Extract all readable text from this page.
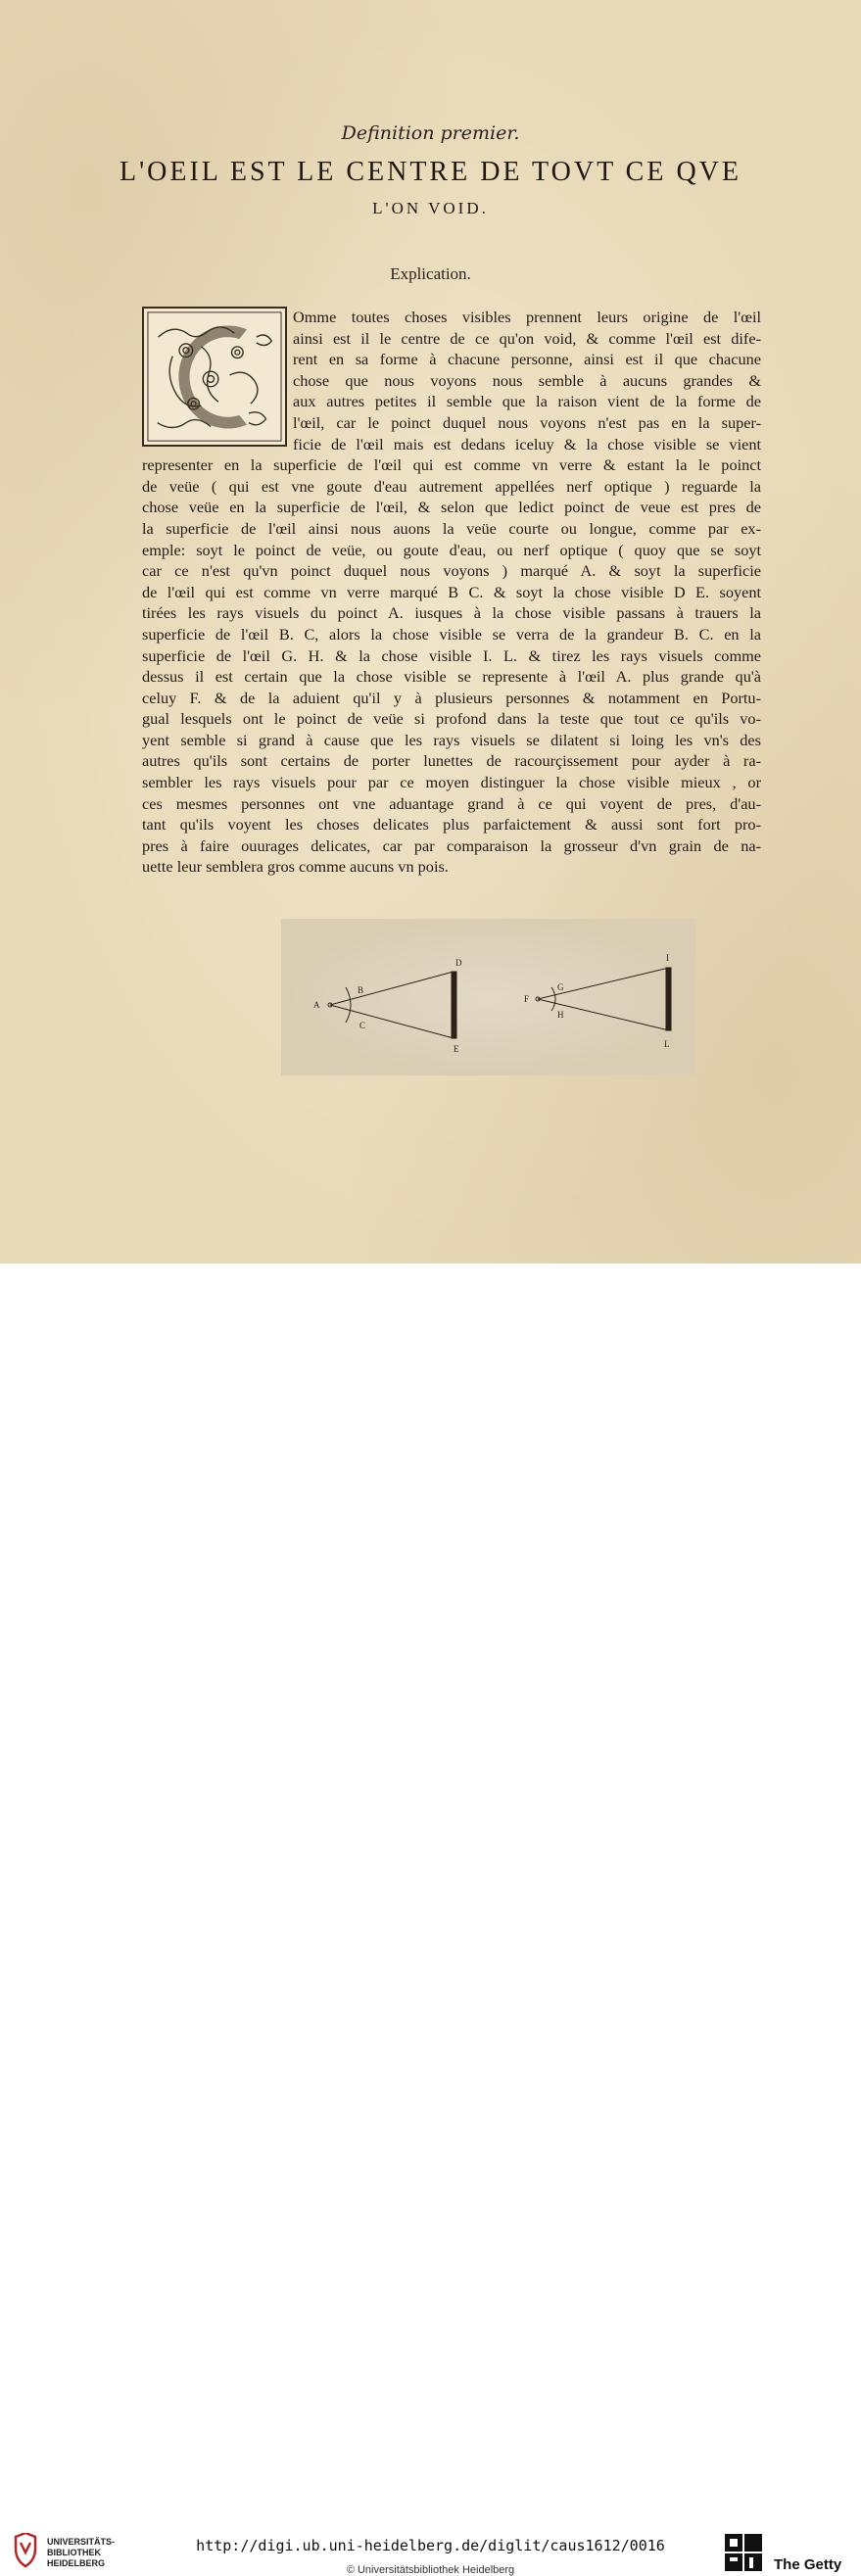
Definition premier.
L'OEIL EST LE CENTRE DE TOVT CE QVE
L'ON VOID.
Explication.
Omme toutes choses visibles prennent leurs origine de l'œil
ainsi est il le centre de ce qu'on void, & comme l'œil est dife-
rent en sa forme à chacune personne, ainsi est il que chacune
chose que nous voyons nous semble à aucuns grandes &
aux autres petites il semble que la raison vient de la forme de
l'œil, car le poinct duquel nous voyons n'est pas en la super-
ficie de l'œil mais est dedans iceluy & la chose visible se vient
representer en la superficie de l'œil qui est comme vn verre & estant la le poinct
de veüe ( qui est vne goute d'eau autrement appellées nerf optique ) reguarde la
chose veüe en la superficie de l'œil, & selon que ledict poinct de veue est pres de
la superficie de l'œil ainsi nous auons la veüe courte ou longue, comme par ex-
emple: soyt le poinct de veüe, ou goute d'eau, ou nerf optique ( quoy que se soyt
car ce n'est qu'vn poinct duquel nous voyons ) marqué A. & soyt la superficie
de l'œil qui est comme vn verre marqué B C. & soyt la chose visible D E. soyent
tirées les rays visuels du poinct A. iusques à la chose visible passans à trauers la
superficie de l'œil B. C, alors la chose visible se verra de la grandeur B. C. en la
superficie de l'œil G. H. & la chose visible I. L. & tirez les rays visuels comme
dessus il est certain que la chose visible se represente à l'œil A. plus grande qu'à
celuy F. & de la aduient qu'il y à plusieurs personnes & notamment en Portu-
gual lesquels ont le poinct de veüe si profond dans la teste que tout ce qu'ils vo-
yent semble si grand à cause que les rays visuels se dilatent si loing les vn's des
autres qu'ils sont certains de porter lunettes de racourçissement pour ayder à ra-
sembler les rays visuels pour par ce moyen distinguer la chose visible mieux , or
ces mesmes personnes ont vne aduantage grand à ce qui voyent de pres, d'au-
tant qu'ils voyent les choses delicates plus parfaictement & aussi sont fort pro-
pres à faire ouurages delicates, car par comparaison la grosseur d'vn grain de na-
uette leur semblera gros comme aucuns vn pois.
A
B
C
D
E
F
G
H
I
L
UNIVERSITÄTS-
BIBLIOTHEK
HEIDELBERG
http://digi.ub.uni-heidelberg.de/diglit/caus1612/0016
© Universitätsbibliothek Heidelberg	The Getty
